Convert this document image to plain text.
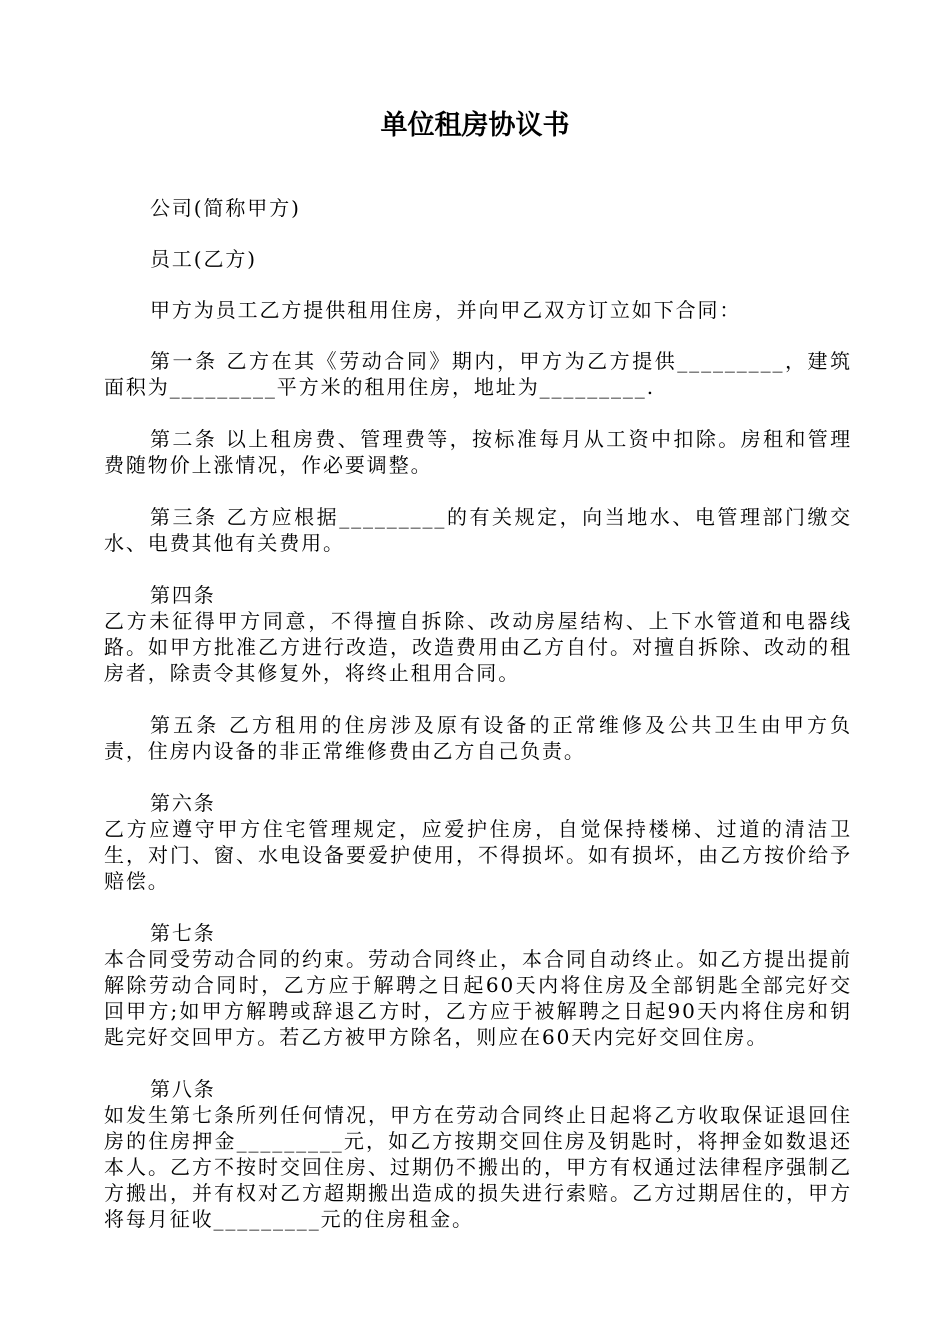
单位租房协议书

公司(简称甲方)

员工(乙方)

甲方为员工乙方提供租用住房，并向甲乙双方订立如下合同：

第一条 乙方在其《劳动合同》期内，甲方为乙方提供_________，建筑面积为_________平方米的租用住房，地址为_________.

第二条 以上租房费、管理费等，按标准每月从工资中扣除。房租和管理费随物价上涨情况，作必要调整。

第三条 乙方应根据_________的有关规定，向当地水、电管理部门缴交水、电费其他有关费用。

第四条

乙方未征得甲方同意，不得擅自拆除、改动房屋结构、上下水管道和电器线路。如甲方批准乙方进行改造，改造费用由乙方自付。对擅自拆除、改动的租房者，除责令其修复外，将终止租用合同。

第五条 乙方租用的住房涉及原有设备的正常维修及公共卫生由甲方负责，住房内设备的非正常维修费由乙方自己负责。

第六条

乙方应遵守甲方住宅管理规定，应爱护住房，自觉保持楼梯、过道的清洁卫生，对门、窗、水电设备要爱护使用，不得损坏。如有损坏，由乙方按价给予赔偿。

第七条

本合同受劳动合同的约束。劳动合同终止，本合同自动终止。如乙方提出提前解除劳动合同时，乙方应于解聘之日起60天内将住房及全部钥匙全部完好交回甲方;如甲方解聘或辞退乙方时，乙方应于被解聘之日起90天内将住房和钥匙完好交回甲方。若乙方被甲方除名，则应在60天内完好交回住房。

第八条

如发生第七条所列任何情况，甲方在劳动合同终止日起将乙方收取保证退回住房的住房押金_________元，如乙方按期交回住房及钥匙时，将押金如数退还本人。乙方不按时交回住房、过期仍不搬出的，甲方有权通过法律程序强制乙方搬出，并有权对乙方超期搬出造成的损失进行索赔。乙方过期居住的，甲方将每月征收_________元的住房租金。
